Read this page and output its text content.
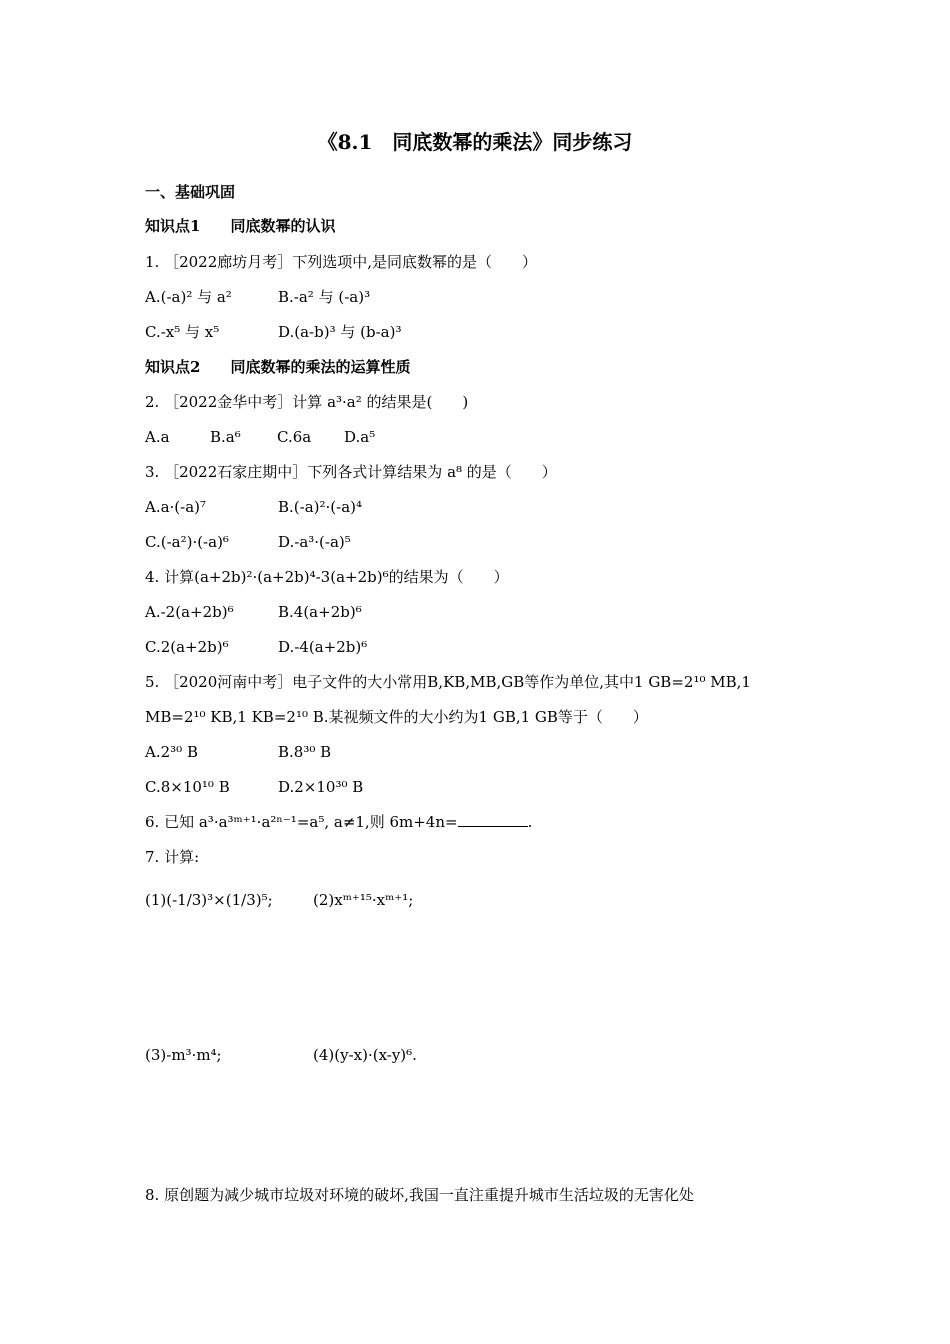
《8.1　同底数幂的乘法》同步练习
一、基础巩固
知识点1　　同底数幂的认识
1. ［2022廊坊月考］下列选项中,是同底数幂的是（　　）
A.(-a)² 与 a²	B.-a² 与 (-a)³
C.-x⁵ 与 x⁵	D.(a-b)³ 与 (b-a)³
知识点2　　同底数幂的乘法的运算性质
2. ［2022金华中考］计算 a³·a² 的结果是(　　)
A.a	B.a⁶ C.6a D.a⁵
3. ［2022石家庄期中］下列各式计算结果为 a⁸ 的是（　　）
A.a·(-a)⁷	B.(-a)²·(-a)⁴
C.(-a²)·(-a)⁶	D.-a³·(-a)⁵
4. 计算(a+2b)²·(a+2b)⁴-3(a+2b)⁶的结果为（　　）
A.-2(a+2b)⁶	B.4(a+2b)⁶
C.2(a+2b)⁶	D.-4(a+2b)⁶
5. ［2020河南中考］电子文件的大小常用B,KB,MB,GB等作为单位,其中1 GB=2¹⁰ MB,1
MB=2¹⁰ KB,1 KB=2¹⁰ B.某视频文件的大小约为1 GB,1 GB等于（　　）
A.2³⁰ B	B.8³⁰ B
C.8×10¹⁰ B	D.2×10³⁰ B
6. 已知 a³·a³ᵐ⁺¹·a²ⁿ⁻¹=a⁵, a≠1,则 6m+4n=	.
7. 计算:
(1)(-1/3)³×(1/3)⁵;	(2)xᵐ⁺¹⁵·xᵐ⁺¹;
(3)-m³·m⁴;	(4)(y-x)·(x-y)⁶.
8. 原创题为减少城市垃圾对环境的破坏,我国一直注重提升城市生活垃圾的无害化处
